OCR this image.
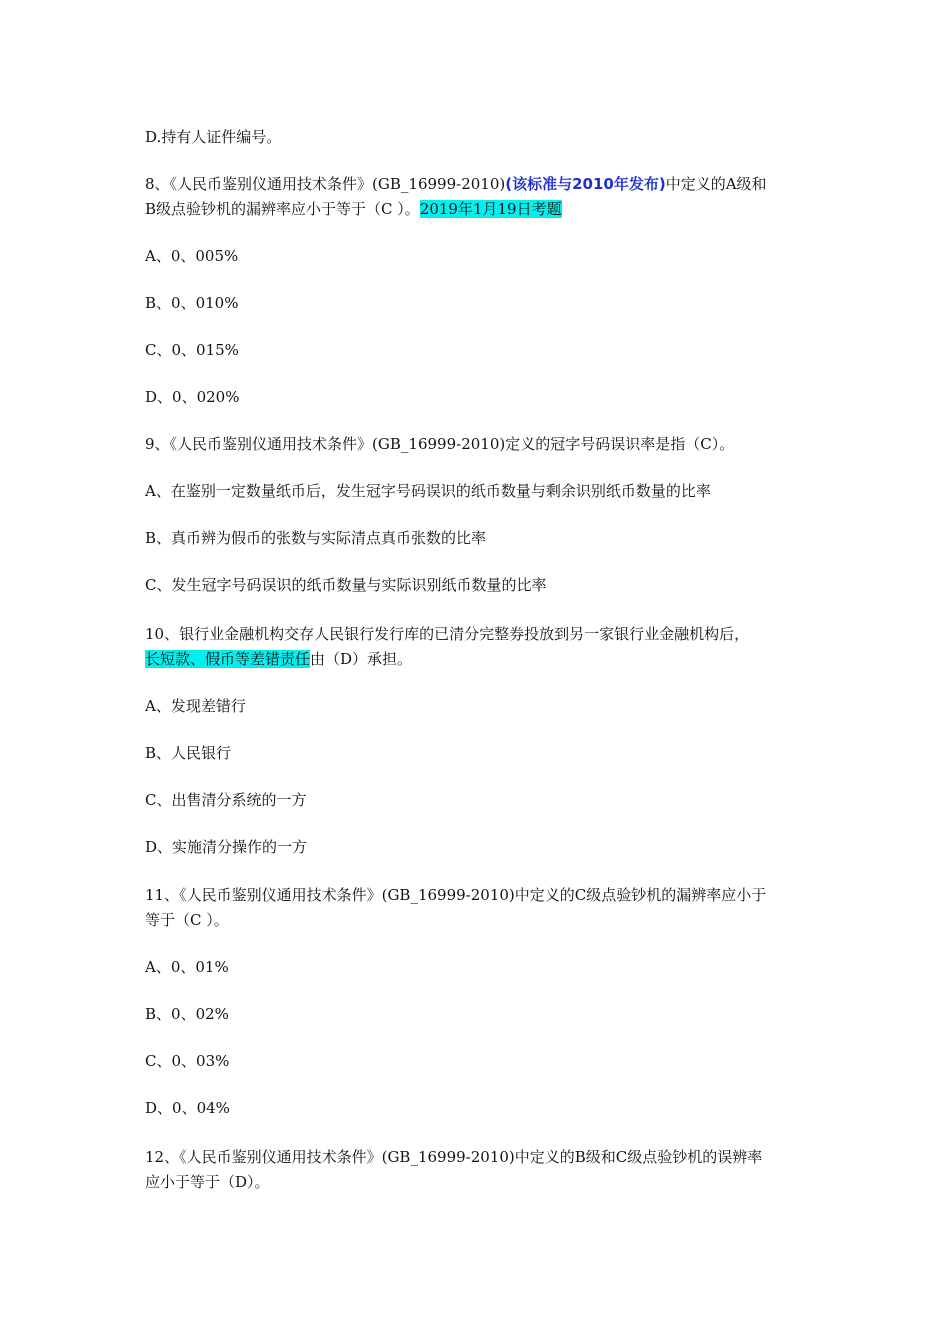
D.持有人证件编号。
8、《人民币鉴别仪通用技术条件》(GB_16999-2010)(该标准与2010年发布)中定义的A级和
B级点验钞机的漏辨率应小于等于（C ）。2019年1月19日考题
A、0、005%
B、0、010%
C、0、015%
D、0、020%
9、《人民币鉴别仪通用技术条件》(GB_16999-2010)定义的冠字号码误识率是指（C）。
A、在鉴别一定数量纸币后，发生冠字号码误识的纸币数量与剩余识别纸币数量的比率
B、真币辨为假币的张数与实际清点真币张数的比率
C、发生冠字号码误识的纸币数量与实际识别纸币数量的比率
10、银行业金融机构交存人民银行发行库的已清分完整券投放到另一家银行业金融机构后，
长短款、假币等差错责任由（D）承担。
A、发现差错行
B、人民银行
C、出售清分系统的一方
D、实施清分操作的一方
11、《人民币鉴别仪通用技术条件》(GB_16999-2010)中定义的C级点验钞机的漏辨率应小于
等于（C ）。
A、0、01%
B、0、02%
C、0、03%
D、0、04%
12、《人民币鉴别仪通用技术条件》(GB_16999-2010)中定义的B级和C级点验钞机的误辨率
应小于等于（D）。
